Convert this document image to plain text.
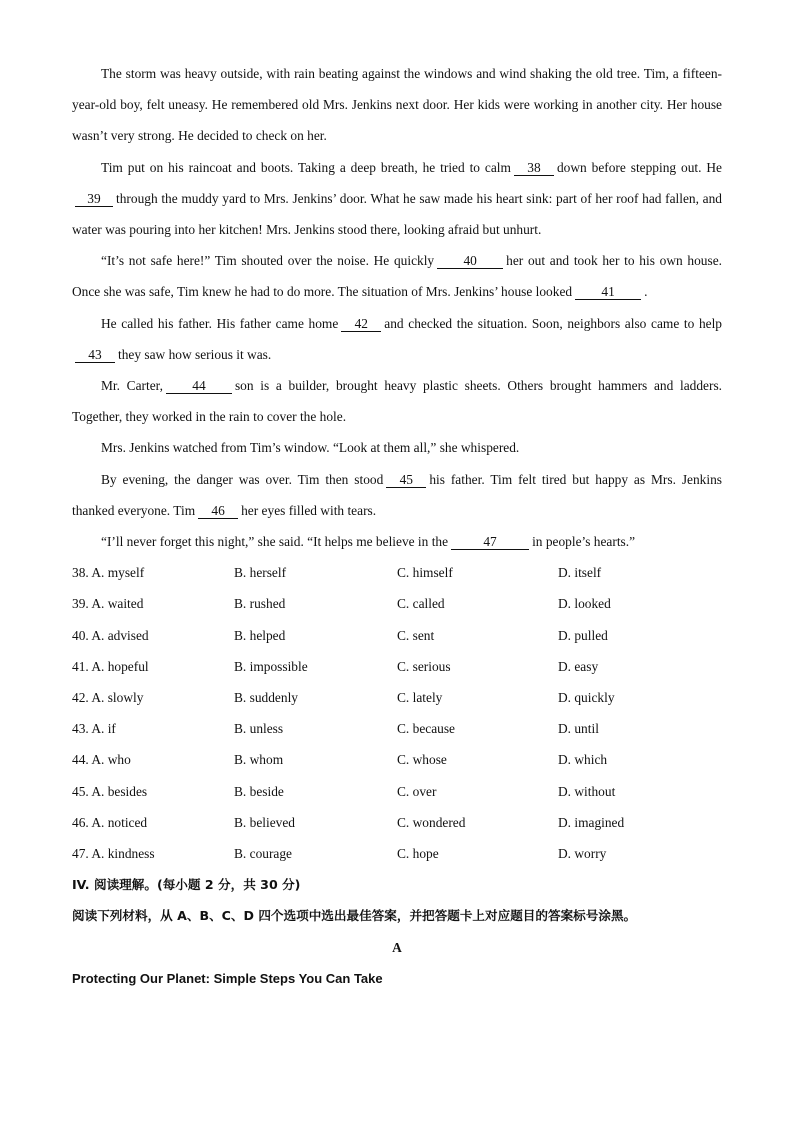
The storm was heavy outside, with rain beating against the windows and wind shaking the old tree. Tim, a fifteen-year-old boy, felt uneasy. He remembered old Mrs. Jenkins next door. Her kids were working in another city. Her house wasn’t very strong. He decided to check on her.

Tim put on his raincoat and boots. Taking a deep breath, he tried to calm 38 down before stepping out. He39 through the muddy yard to Mrs. Jenkins’ door. What he saw made his heart sink: part of her roof had fallen, and water was pouring into her kitchen! Mrs. Jenkins stood there, looking afraid but unhurt.

“It’s not safe here!” Tim shouted over the noise. He quickly 40 her out and took her to his own house. Once she was safe, Tim knew he had to do more. The situation of Mrs. Jenkins’ house looked 41 .

He called his father. His father came home 42 and checked the situation. Soon, neighbors also came to help43 they saw how serious it was.

Mr. Carter, 44 son is a builder, brought heavy plastic sheets. Others brought hammers and ladders. Together, they worked in the rain to cover the hole.

Mrs. Jenkins watched from Tim’s window. “Look at them all,” she whispered.

By evening, the danger was over. Tim then stood 45 his father. Tim felt tired but happy as Mrs. Jenkins thanked everyone. Tim 46 her eyes filled with tears.

“I’ll never forget this night,” she said. “It helps me believe in the	47	in people’s hearts.”

38. A. myself	B. herself	C. himself	D. itself
39. A. waited	B. rushed	C. called	D. looked
40. A. advised	B. helped	C. sent	D. pulled
41. A. hopeful	B. impossible	C. serious	D. easy
42. A. slowly	B. suddenly	C. lately	D. quickly
43. A. if	B. unless	C. because	D. until
44. A. who	B. whom	C. whose	D. which
45. A. besides	B. beside	C. over	D. without
46. A. noticed	B. believed	C. wondered	D. imagined
47. A. kindness	B. courage	C. hope	D. worry
IV. 阅读理解。(每小题 2 分，共 30 分)
阅读下列材料，从 A、B、C、D 四个选项中选出最佳答案，并把答题卡上对应题目的答案标号涂黑。
A
Protecting Our Planet: Simple Steps You Can Take
